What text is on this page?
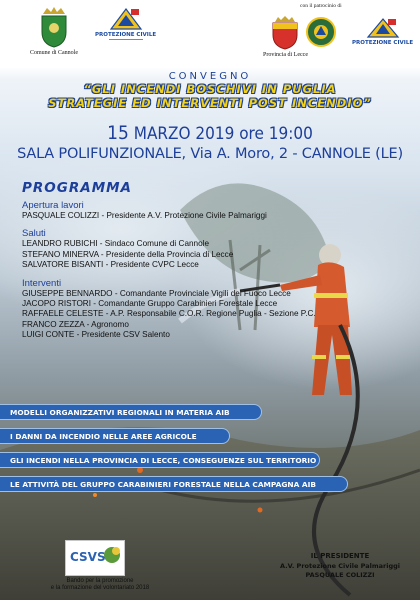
Comune di Cannole
PROTEZIONE CIVILE
con il patrocinio di
Provincia di Lecce
PROTEZIONE CIVILE
CONVEGNO
“GLI INCENDI BOSCHIVI IN PUGLIA
STRATEGIE ED INTERVENTI POST INCENDIO”
15 MARZO 2019 ore 19:00
SALA POLIFUNZIONALE, Via A. Moro, 2 - CANNOLE (LE)
PROGRAMMA
Apertura lavori
PASQUALE COLIZZI - Presidente A.V. Protezione Civile Palmariggi
Saluti
LEANDRO RUBICHI - Sindaco Comune di Cannole
STEFANO MINERVA - Presidente della Provincia di Lecce
SALVATORE BISANTI - Presidente CVPC Lecce
Interventi
GIUSEPPE BENNARDO - Comandante Provinciale Vigili del Fuoco Lecce
JACOPO RISTORI - Comandante Gruppo Carabinieri Forestale Lecce
RAFFAELE CELESTE - A.P. Responsabile C.O.R. Regione Puglia - Sezione P.C.
FRANCO ZEZZA - Agronomo
LUIGI CONTE - Presidente CSV Salento
MODELLI ORGANIZZATIVI REGIONALI IN MATERIA AIB
I DANNI DA INCENDIO NELLE AREE AGRICOLE
GLI INCENDI NELLA PROVINCIA DI LECCE, CONSEGUENZE SUL TERRITORIO
LE ATTIVITÀ DEL GRUPPO CARABINIERI FORESTALE NELLA CAMPAGNA AIB
CSVS
Bando per la promozione
e la formazione del volontariato 2018
IL PRESIDENTE
A.V. Protezione Civile Palmariggi
PASQUALE COLIZZI
